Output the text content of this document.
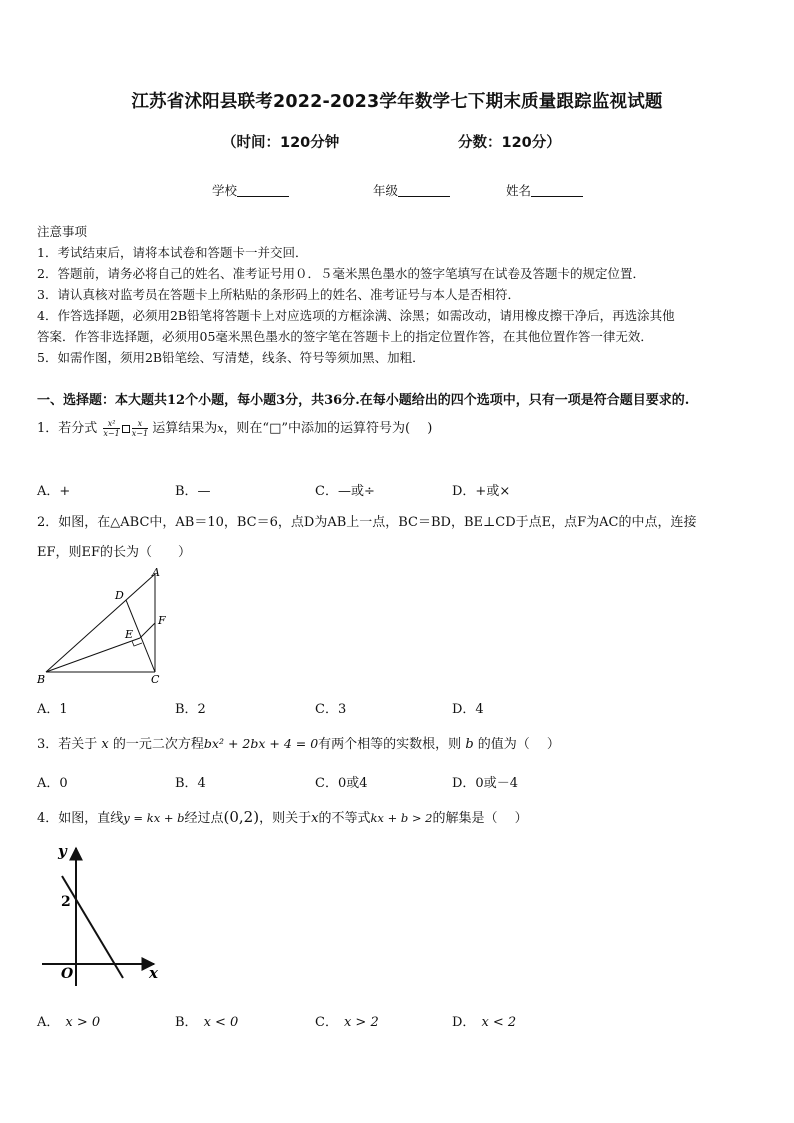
江苏省沭阳县联考2022-2023学年数学七下期末质量跟踪监视试题
（时间：120分钟	分数：120分）
学校	年级	姓名
注意事项
1．考试结束后，请将本试卷和答题卡一并交回．
2．答题前，请务必将自己的姓名、准考证号用０．５毫米黑色墨水的签字笔填写在试卷及答题卡的规定位置．
3．请认真核对监考员在答题卡上所粘贴的条形码上的姓名、准考证号与本人是否相符．
4．作答选择题，必须用2B铅笔将答题卡上对应选项的方框涂满、涂黑；如需改动，请用橡皮擦干净后，再选涂其他
答案．作答非选择题，必须用05毫米黑色墨水的签字笔在答题卡上的指定位置作答，在其他位置作答一律无效．
5．如需作图，须用2B铅笔绘、写清楚，线条、符号等须加黑、加粗．
一、选择题：本大题共12个小题，每小题3分，共36分.在每小题给出的四个选项中，只有一项是符合题目要求的.
1．若分式 $\frac{\text{x²}}{x-1} \frac{x}{x-1}$ 运算结果为x，则在“□”中添加的运算符号为(　 )
A．+	B．—	C．—或÷	D．+或×
2．如图，在△ABC中，AB＝10，BC＝6，点D为AB上一点，BC＝BD，BE⊥CD于点E，点F为AC的中点，连接
EF，则EF的长为（　　）
A
B	C
D
E
F
A．1	B．2	C．3	D．4
3．若关于 x 的一元二次方程bx² + 2bx + 4 = 0有两个相等的实数根，则 b 的值为（　 ）
A．0	B．4	C．0或4	D．0或－4
4．如图，直线y = kx + b经过点(0,2)，则关于x的不等式kx + b > 2的解集是（　 ）
y
x
O
2
A． x > 0	B． x < 0	C． x > 2	D． x < 2
